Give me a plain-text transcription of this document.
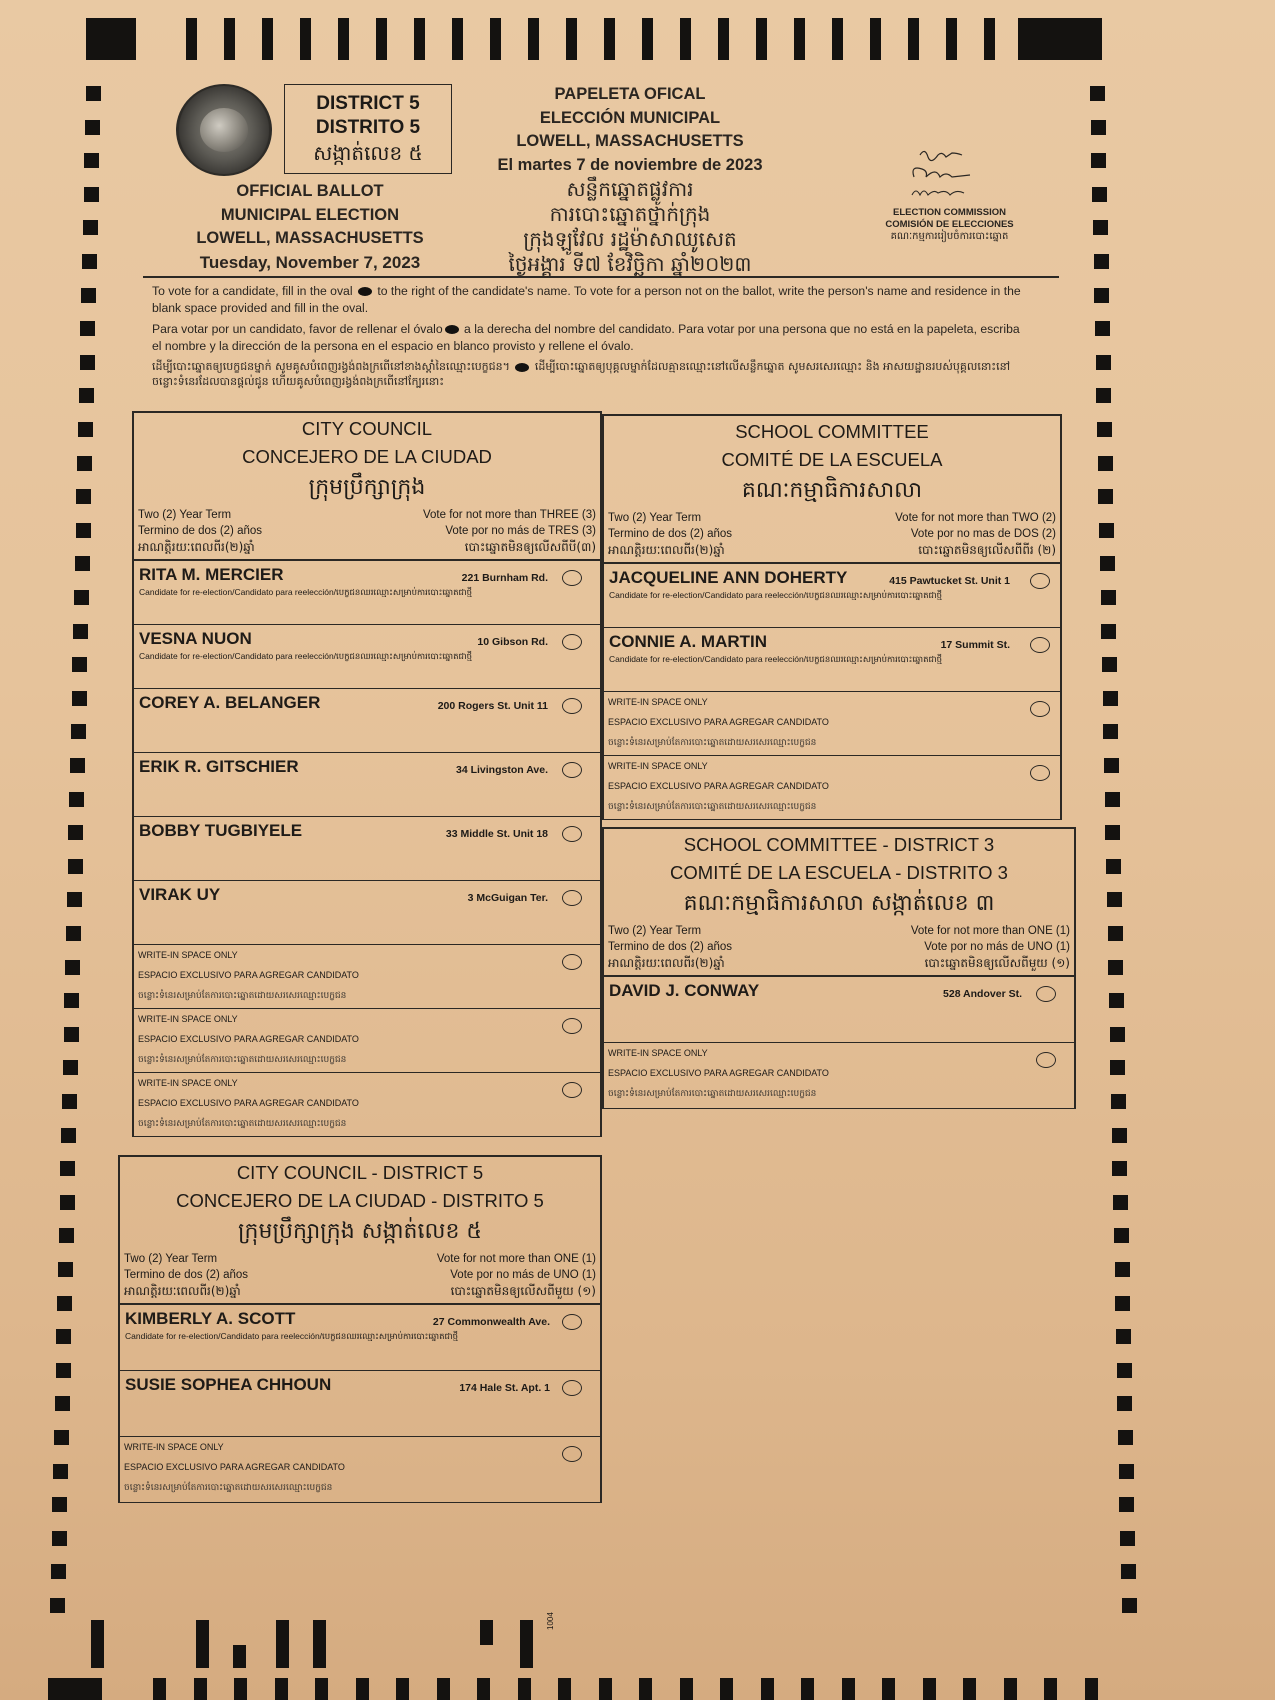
DISTRICT 5
DISTRITO 5
សង្កាត់លេខ ៥
OFFICIAL BALLOT
MUNICIPAL ELECTION
LOWELL, MASSACHUSETTS
Tuesday, November 7, 2023
PAPELETA OFICAL
ELECCIÓN MUNICIPAL
LOWELL, MASSACHUSETTS
El martes 7 de noviembre de 2023
សន្លឹកឆ្នោតផ្លូវការ
ការបោះឆ្នោតថ្នាក់ក្រុង
ក្រុងឡូវែល រដ្ឋម៉ាសាឈូសេត
ថ្ងៃអង្គារ ទី៧ ខែវិច្ឆិកា ឆ្នាំ២០២៣
ELECTION COMMISSION
COMISIÓN DE ELECCIONES
គណៈកម្មការរៀបចំការបោះឆ្នោត

To vote for a candidate, fill in the oval to the right of the candidate's name. To vote for a person not on the ballot, write the person's name and residence in the blank space provided and fill in the oval.

Para votar por un candidato, favor de rellenar el óvalo a la derecha del nombre del candidato. Para votar por una persona que no está en la papeleta, escriba el nombre y la dirección de la persona en el espacio en blanco provisto y rellene el óvalo.

ដើម្បីបោះឆ្នោតឲ្យបេក្ខជនម្នាក់ សូមគូសបំពេញរង្វង់ពងក្រពើនៅខាងស្តាំនៃឈ្មោះបេក្ខជន។ ដើម្បីបោះឆ្នោតឲ្យបុគ្គលម្នាក់ដែលគ្មានឈ្មោះនៅលើសន្លឹកឆ្នោត សូមសរសេរឈ្មោះ និង អាសយដ្ឋានរបស់បុគ្គលនោះនៅចន្លោះទំនេរដែលបានផ្តល់ជូន ហើយគូសបំពេញរង្វង់ពងក្រពើនៅក្បែរនោះ

CITY COUNCIL
CONCEJERO DE LA CIUDAD
ក្រុមប្រឹក្សាក្រុង
Two (2) Year Term
Termino de dos (2) años
អាណត្តិរយៈពេលពីរ(២)ឆ្នាំ
Vote for not more than THREE (3)
Vote por no más de TRES (3)
បោះឆ្នោតមិនឲ្យលើសពីបី(៣)
RITA M. MERCIER	221 Burnham Rd.
Candidate for re-election/Candidato para reelección/បេក្ខជនឈរឈ្មោះសម្រាប់ការបោះឆ្នោតជាថ្មី
VESNA NUON	10 Gibson Rd.
Candidate for re-election/Candidato para reelección/បេក្ខជនឈរឈ្មោះសម្រាប់ការបោះឆ្នោតជាថ្មី
COREY A. BELANGER	200 Rogers St. Unit 11
ERIK R. GITSCHIER	34 Livingston Ave.
BOBBY TUGBIYELE	33 Middle St. Unit 18
VIRAK UY	3 McGuigan Ter.
WRITE-IN SPACE ONLY
ESPACIO EXCLUSIVO PARA AGREGAR CANDIDATO
ចន្លោះទំនេរសម្រាប់តែការបោះឆ្នោតដោយសរសេរឈ្មោះបេក្ខជន
WRITE-IN SPACE ONLY
ESPACIO EXCLUSIVO PARA AGREGAR CANDIDATO
ចន្លោះទំនេរសម្រាប់តែការបោះឆ្នោតដោយសរសេរឈ្មោះបេក្ខជន
WRITE-IN SPACE ONLY
ESPACIO EXCLUSIVO PARA AGREGAR CANDIDATO
ចន្លោះទំនេរសម្រាប់តែការបោះឆ្នោតដោយសរសេរឈ្មោះបេក្ខជន
SCHOOL COMMITTEE
COMITÉ DE LA ESCUELA
គណៈកម្មាធិការសាលា
Two (2) Year Term
Termino de dos (2) años
អាណត្តិរយៈពេលពីរ(២)ឆ្នាំ
Vote for not more than TWO (2)
Vote por no mas de DOS (2)
បោះឆ្នោតមិនឲ្យលើសពីពីរ (២)
JACQUELINE ANN DOHERTY	415 Pawtucket St. Unit 1
Candidate for re-election/Candidato para reelección/បេក្ខជនឈរឈ្មោះសម្រាប់ការបោះឆ្នោតជាថ្មី
CONNIE A. MARTIN	17 Summit St.
Candidate for re-election/Candidato para reelección/បេក្ខជនឈរឈ្មោះសម្រាប់ការបោះឆ្នោតជាថ្មី
WRITE-IN SPACE ONLY
ESPACIO EXCLUSIVO PARA AGREGAR CANDIDATO
ចន្លោះទំនេរសម្រាប់តែការបោះឆ្នោតដោយសរសេរឈ្មោះបេក្ខជន
WRITE-IN SPACE ONLY
ESPACIO EXCLUSIVO PARA AGREGAR CANDIDATO
ចន្លោះទំនេរសម្រាប់តែការបោះឆ្នោតដោយសរសេរឈ្មោះបេក្ខជន
SCHOOL COMMITTEE - DISTRICT 3
COMITÉ DE LA ESCUELA - DISTRITO 3
គណៈកម្មាធិការសាលា សង្កាត់លេខ ៣
Two (2) Year Term
Termino de dos (2) años
អាណត្តិរយៈពេលពីរ(២)ឆ្នាំ
Vote for not more than ONE (1)
Vote por no más de UNO (1)
បោះឆ្នោតមិនឲ្យលើសពីមួយ (១)
DAVID J. CONWAY	528 Andover St.
WRITE-IN SPACE ONLY
ESPACIO EXCLUSIVO PARA AGREGAR CANDIDATO
ចន្លោះទំនេរសម្រាប់តែការបោះឆ្នោតដោយសរសេរឈ្មោះបេក្ខជន
CITY COUNCIL - DISTRICT 5
CONCEJERO DE LA CIUDAD - DISTRITO 5
ក្រុមប្រឹក្សាក្រុង សង្កាត់លេខ ៥
Two (2) Year Term
Termino de dos (2) años
អាណត្តិរយៈពេលពីរ(២)ឆ្នាំ
Vote for not more than ONE (1)
Vote por no más de UNO (1)
បោះឆ្នោតមិនឲ្យលើសពីមួយ (១)
KIMBERLY A. SCOTT	27 Commonwealth Ave.
Candidate for re-election/Candidato para reelección/បេក្ខជនឈរឈ្មោះសម្រាប់ការបោះឆ្នោតជាថ្មី
SUSIE SOPHEA CHHOUN	174 Hale St. Apt. 1
WRITE-IN SPACE ONLY
ESPACIO EXCLUSIVO PARA AGREGAR CANDIDATO
ចន្លោះទំនេរសម្រាប់តែការបោះឆ្នោតដោយសរសេរឈ្មោះបេក្ខជន
1004
